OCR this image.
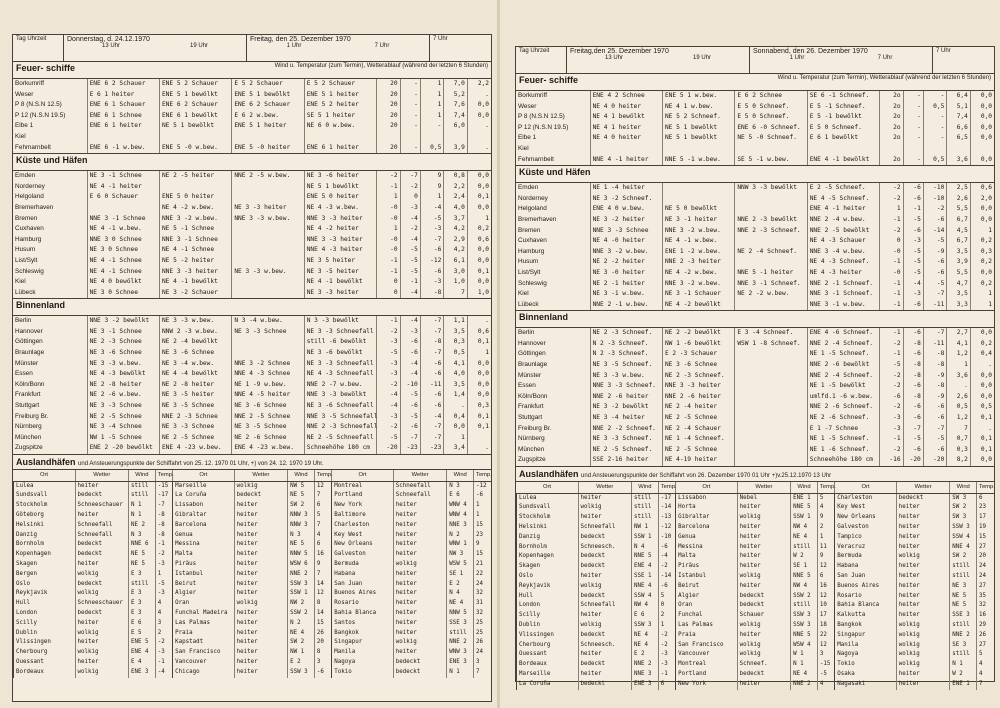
Tag Uhrzeit	Donnerstag, d. 24.12.1970
13 Uhr	19 Uhr
Freitag, den 25. Dezember 1970
1 Uhr	7 Uhr
7 Uhr
Feuer- schiffe	Wind u. Temperatur (zum Termin), Wetterablauf (während der letzten 6 Stunden)
Borkumriff	ENE 6 2 Schauer	ENE 5 2 Schauer	E 5 2 Schauer	E 5 2 Schauer	20	-	1	7,0	2,2
Weser	E 6 1 heiter	ENE 5 1 bewölkt	ENE 5 1 bewölkt	ENE 5 1 heiter	20	-	1	5,2	.
P 8 (N.S.N 12.5)	ENE 6 1 Schauer	ENE 6 2 Schauer	ENE 6 2 Schauer	ENE 5 2 heiter	20	-	1	7,6	0,0
P 12 (N.S.N 19.5)	ENE 6 1 Schnee	ENE 6 1 bewölkt	E 6 2 w.bew.	SE 5 1 heiter	20	-	1	7,4	0,0
Elbe 1	ENE 6 1 heiter	NE 5 1 bewölkt	ENE 5 1 heiter	NE 6 0 w.bew.	20	-	-	6,0	.
Kiel									
Fehmarnbelt	ENE 6 -1 w.bew.	ENE 5 -0 w.bew.	ENE 5 -0 heiter	ENE 6 1 heiter	20	-	0,5	3,9	.
Küste und Häfen
Emden	NE 3 -1 Schnee	NE 2 -5 heiter	NNE 2 -5 w.bew.	NE 3 -6 heiter	-2	-7	9	0,8	0,0
Norderney	NE 4 -1 heiter			NE 5 1 bewölkt	-1	-2	9	2,2	0,0
Helgoland	E 6 0 Schauer	ENE 5 0 heiter		ENE 5 0 heiter	1	0	1	2,4	0,1
Bremerhaven		NE 4 -2 w.bew.	NE 3 -3 heiter	NE 4 -3 w.bew.	-0	-3	-4	4,0	0,0
Bremen	NNE 3 -1 Schnee	NNE 3 -2 w.bew.	NNE 3 -3 w.bew.	NNE 3 -3 heiter	-0	-4	-5	3,7	1
Cuxhaven	NE 4 -1 w.bew.	NE 5 -1 Schnee		NE 4 -2 heiter	1	-2	-3	4,2	0,2
Hamburg	NNE 3 0 Schnee	NNE 3 -1 Schnee		NNE 3 -3 heiter	-0	-4	-7	2,9	0,6
Husum	NE 3 0 Schnee	NE 4 -1 Schnee		NNE 4 -3 heiter	-0	-5	-6	4,2	0,0
List/Sylt	NE 4 -1 Schnee	NE 5 -2 heiter		NE 3 5 heiter	-1	-5	-12	6,1	0,0
Schleswig	NE 4 -1 Schnee	NNE 3 -3 heiter	NE 3 -3 w.bew.	NE 3 -5 heiter	-1	-5	-6	3,0	0,1
Kiel	NE 4 0 bewölkt	NE 4 -1 bewölkt		NE 4 -1 bewölkt	0	-1	-3	1,0	0,0
Lübeck	NE 3 0 Schnee	NE 3 -2 Schauer		NE 3 -3 heiter	0	-4	-8	7	1,0
Binnenland
Berlin	NNE 3 -2 bewölkt	NE 3 -3 w.bew.	N 3 -4 w.bew.	N 3 -3 bewölkt	-1	-4	-7	1,1	.
Hannover	NE 3 -1 Schnee	NNW 2 -3 w.bew.	NE 3 -3 Schnee	NE 3 -3 Schneefall	-2	-3	-7	3,5	0,6
Göttingen	NE 2 -3 Schnee	NE 2 -4 bewölkt		still -6 bewölkt	-3	-6	-8	0,3	0,1
Braunlage	NE 3 -6 Schnee	NE 3 -6 Schnee		NE 3 -6 bewölkt	-5	-6	-7	0,5	1
Münster	NE 3 -3 w.bew.	NE 3 -4 w.bew.	NNE 3 -2 Schnee	NE 3 -3 Schneefall	-3	-4	-6	4,1	0,0
Essen	NE 4 -3 bewölkt	NE 4 -4 bewölkt	NNE 4 -3 Schnee	NE 4 -3 Schneefall	-3	-4	-6	4,0	0,0
Köln/Bonn	NE 2 -8 heiter	NE 2 -8 heiter	NE 1 -9 w.bew.	NNE 2 -7 w.bew.	-2	-10	-11	3,5	0,0
Frankfurt	NE 2 -6 w.bew.	NE 3 -5 heiter	NNE 4 -5 heiter	NNE 3 -3 bewölkt	-4	-5	-6	1,4	0,0
Stuttgart	NE 3 -3 Schnee	NE 3 -5 Schnee	NE 3 -6 Schnee	NE 3 -6 Schneefall	-4	-6	-6	.	0,3
Freiburg Br.	NE 2 -5 Schnee	NNE 2 -3 Schnee	NNE 2 -5 Schnee	NNE 3 -5 Schneefall	-3	-5	-4	0,4	0,1
Nürnberg	NE 3 -4 Schnee	NE 3 -3 Schnee	NE 3 -5 Schnee	NNE 2 -3 Schneefall	-2	-6	-7	0,0	0,1
München	NW 1 -5 Schnee	NE 2 -5 Schnee	NE 2 -6 Schnee	NE 2 -5 Schneefall	-5	-7	-7	1	
Zugspitze	ENE 2 -20 bewölkt	ENE 4 -23 w.bew.	ENE 4 -23 w.bew.	Schneehöhe 180 cm	-20	-23	-23	3,4	.
Auslandhäfen und Ansteuerungspunkte der Schiffahrt von 25. 12. 1970 01 Uhr, +) von 24. 12. 1970 19 Uhr.
Ort	Wetter	Wind	Temp.	Ort	Wetter	Wind	Temp.	Ort	Wetter	Wind	Temp.
Lulea	heiter	still	-15	Marseille	wolkig	NW 5	12	Montreal	Schneefall	N 3	-12
Sundsvall	bedeckt	still	-17	La Coruña	bedeckt	NE 5	7	Portland	Schneefall	E 6	-6
Stockholm	Schneeschauer	N 1	-7	Lissabon	heiter	SW 2	6	New York	heiter	WNW 4	1
Göteborg	heiter	N 1	-8	Gibraltar	heiter	NNW 3	5	Baltimore	heiter	WNW 4	1
Helsinki	Schneefall	NE 2	-8	Barcelona	heiter	NNW 3	7	Charleston	heiter	NNE 3	15
Danzig	Schneefall	N 3	-8	Genua	heiter	N 3	4	Key West	heiter	N 2	23
Bornholm	bedeckt	NNE 6	-1	Messina	heiter	NE 5	6	New Orleans	heiter	WNW 1	9
Kopenhagen	bedeckt	NE 5	-2	Malta	heiter	NNW 5	16	Galveston	heiter	NW 3	15
Skagen	heiter	NE 5	-3	Piräus	heiter	WSW 6	9	Bermuda	wolkig	WSW 5	21
Bergen	wolkig	E 3	1	Istanbul	heiter	NNE 2	7	Habana	heiter	SE 1	22
Oslo	bedeckt	still	-5	Beirut	heiter	SSW 3	14	San Juan	heiter	E 2	24
Reykjavik	wolkig	E 3	-3	Algier	heiter	SSW 1	12	Buenos Aires	heiter	N 4	32
Hull	Schneeschauer	E 3	4	Oran	wolkig	NW 2	8	Rosario	heiter	NE 4	31
London	bedeckt	E 3	4	Funchal Madeira	heiter	SSW 2	14	Bahia Blanca	heiter	NNW 5	32
Scilly	heiter	E 6	3	Las Palmas	heiter	N 2	15	Santos	heiter	SSE 3	25
Dublin	wolkig	E 5	2	Praia	heiter	NE 4	26	Bangkok	heiter	still	25
Vlissingen	heiter	ENE 5	-2	Kapstadt	heiter	SW 2	20	Singapur	wolkig	NNE 2	26
Cherbourg	wolkig	ENE 4	-3	San Francisco	heiter	NW 1	8	Manila	heiter	WNW 3	24
Ouessant	heiter	E 4	-1	Vancouver	heiter	E 2	3	Nagoya	bedeckt	ENE 3	3
Bordeaux	wolkig	ENE 3	-4	Chicago	heiter	SSW 3	-6	Tokio	bedeckt	N 1	7
Tag Uhrzeit	Freitag,den 25. Dezember 1970
13 Uhr	19 Uhr
Sonnabend, den 26. Dezember 1970
1 Uhr	7 Uhr
7 Uhr
Feuer- schiffe	Wind u. Temperatur (zum Termin), Wetterablauf (während der letzten 6 Stunden)
Borkumriff	ENE 4 2 Schnee	ENE 5 1 w.bew.	E 6 2 Schnee	SE 6 -1 Schneef.	2o	-	-	6,4	0,0
Weser	NE 4 0 heiter	NE 4 1 w.bew.	E 5 0 Schneef.	E 5 -1 Schneef.	2o	-	0,5	5,1	0,0
P 8 (N.S.N 12.5)	NE 4 1 bewölkt	NE 5 2 Schneef.	E 5 0 Schneef.	E 5 -1 bewölkt	2o	-	-	7,4	0,0
P 12 (N.S.N 19.5)	NE 4 1 heiter	NE 5 1 bewölkt	ENE 6 -0 Schneef.	E 5 0 Schneef.	2o	-	-	6,6	0,0
Elbe 1	NE 4 0 heiter	NE 5 1 bewölkt	NE 5 -0 Schneef.	E 6 1 bewölkt	2o	-	-	6,5	0,0
Kiel									
Fehmarnbelt	NNE 4 -1 heiter	NNE 5 -1 w.bew.	SE 5 -1 w.bew.	ENE 4 -1 bewölkt	2o	-	0,5	3,6	0,0
Küste und Häfen
Emden	NE 1 -4 heiter		NNW 3 -3 bewölkt	E 2 -5 Schneef.	-2	-6	-10	2,5	0,6
Norderney	NE 3 -2 Schneef.			NE 4 -5 Schneef.	-2	-6	-10	2,6	2,0
Helgoland	ENE 4 0 w.bew.	NE 5 0 bewölkt		ENE 4 -1 heiter	1	-1	-2	5,5	0,0
Bremerhaven	NE 3 -2 heiter	NE 3 -1 heiter	NNE 2 -3 bewölkt	NNE 2 -4 w.bew.	-1	-5	-6	6,7	0,0
Bremen	NNE 3 -3 Schnee	NNE 3 -2 w.bew.	NNE 2 -3 Schneef.	NNE 2 -5 bewölkt	-2	-6	-14	4,5	1
Cuxhaven	NE 4 -0 heiter	NE 4 -1 w.bew.		NE 4 -3 Schauer	0	-3	-5	6,7	0,2
Hamburg	NNE 3 -2 w.bew.	ENE 1 -2 w.bew.	NE 2 -4 Schneef.	NNE 3 -4 w.bew.	-0	-5	-9	3,5	0,3
Husum	NE 2 -2 heiter	NNE 2 -3 heiter		NE 4 -3 Schneef.	-1	-5	-6	3,9	0,2
List/Sylt	NE 3 -0 heiter	NE 4 -2 w.bew.	NNE 5 -1 heiter	NE 4 -3 heiter	-0	-5	-6	5,5	0,0
Schleswig	NE 2 -1 heiter	NNE 3 -2 w.bew.	NNE 3 -1 Schneef.	NNE 2 -1 Schneef.	-1	-4	-5	4,7	0,2
Kiel	NE 3 -1 w.bew.	NE 3 -1 Schauer	NE 2 -2 w.bew.	NNE 3 -1 Schneef.	-1	-3	-7	3,5	1
Lübeck	NNE 2 -1 w.bew.	NE 4 -2 bewölkt		NNE 3 -1 w.bew.	-1	-6	-11	3,3	1
Binnenland
Berlin	NE 2 -3 Schneef.	NE 2 -2 bewölkt	E 3 -4 Schneef.	ENE 4 -6 Schneef.	-1	-6	-7	2,7	0,0
Hannover	N 2 -3 Schneef.	NW 1 -6 bewölkt	WSW 1 -8 Schneef.	NNE 2 -4 Schneef.	-2	-8	-11	4,1	0,2
Göttingen	N 2 -3 Schneef.	E 2 -3 Schauer		NE 1 -5 Schneef.	-1	-6	-8	1,2	0,4
Braunlage	NE 3 -5 Schneef.	NE 3 -6 Schnee		NNE 2 -6 bewölkt	-5	-8	-8	1	.
Münster	NE 3 -3 w.bew.	NE 2 -3 Schneef.		NNE 2 -4 Schneef.	-2	-8	-9	3,6	0,0
Essen	NNE 3 -3 Schneef.	NNE 3 -3 heiter		NE 1 -5 bewölkt	-2	-6	-8	.	0,0
Köln/Bonn	NNE 2 -6 heiter	NNE 2 -6 heiter		umlfd.1 -6 w.bew.	-6	-8	-9	2,6	0,0
Frankfurt	NE 3 -2 bewölkt	NE 2 -4 heiter		NNE 2 -6 Schneef.	-2	-6	-6	0,5	0,5
Stuttgart	NE 3 -4 heiter	NE 2 -5 Schnee		NE 2 -6 Schneef.	-3	-6	-6	1,2	0,1
Freiburg Br.	NNE 2 -2 Schneef.	NE 2 -4 Schauer		E 1 -7 Schnee	-3	-7	-7	7	.
Nürnberg	NE 3 -3 Schneef.	NE 1 -4 Schneef.		NE 1 -5 Schneef.	-1	-5	-5	0,7	0,1
München	NE 2 -5 Schneef.	NE 2 -5 Schnee		NE 1 -6 Schneef.	-2	-6	-6	0,3	0,1
Zugspitze	SSE 2-16 heiter	NE 4-19 heiter		Schneehöhe 180 cm	-16	-20	-20	8,2	0,0
Auslandhäfen und Ansteuerungspunkte der Schiffahrt von 26. Dezember 1970 01 Uhr +)v.25.12.1970 13 Uhr
Ort	Wetter	Wind	Temp.	Ort	Wetter	Wind	Temp.	Ort	Wetter	Wind	Temp.
Lulea	heiter	still	-17	Lissabon	Nebel	ENE 1	5	Charleston	bedeckt	SW 3	6
Sundsvall	wolkig	still	-14	Horta	heiter	NNE 5	4	Key West	heiter	SW 2	23
Stockholm	heiter	still	-13	Gibraltar	wolkig	SSW 1	9	New Orleans	heiter	SW 3	17
Helsinki	Schneefall	NW 1	-12	Barcelona	heiter	NW 4	2	Galveston	heiter	SSW 3	19
Danzig	bedeckt	SSW 1	-10	Genua	heiter	NE 4	1	Tampico	heiter	SSW 4	15
Bornholm	Schneesch.	N 4	-6	Messina	heiter	still	11	Veracruz	heiter	NNE 4	27
Kopenhagen	bedeckt	NNE 5	-4	Malta	heiter	W 2	9	Bermuda	wolkig	SW 2	20
Skagen	bedeckt	ENE 4	-2	Piräus	heiter	SE 1	12	Habana	heiter	still	24
Oslo	heiter	SSE 1	-14	Istanbul	wolkig	NNE 5	6	San Juan	heiter	still	24
Reykjavik	wolkig	NNE 4	-6	Beirut	heiter	NW 4	16	Buenos Aires	heiter	NE 3	27
Hull	bedeckt	SSW 4	5	Algier	bedeckt	SSW 2	12	Rosario	heiter	NE 5	35
London	Schneefall	NW 4	0	Oran	bedeckt	still	10	Bahia Blanca	heiter	NE 5	32
Scilly	heiter	E 6	2	Funchal	Schauer	SSW 3	17	Kalkutta	heiter	SSE 3	16
Dublin	wolkig	SSW 3	1	Las Palmas	wolkig	SSW 3	18	Bangkok	wolkig	still	29
Vlissingen	bedeckt	NE 4	-2	Praia	heiter	NNE 5	22	Singapur	wolkig	NNE 2	26
Cherbourg	Schneesch.	NE 4	-2	San Francisco	wolkig	WSW 4	12	Manila	wolkig	SE 3	27
Ouessant	heiter	E 2	-3	Vancouver	wolkig	W 1	3	Nagoya	wolkig	still	5
Bordeaux	bedeckt	NNE 2	-3	Montreal	Schneef.	N 1	-15	Tokio	wolkig	N 1	4
Marseille	heiter	NNE 3	-1	Portland	bedeckt	NE 4	-5	Osaka	heiter	W 2	4
La Coruña	bedeckt	ENE 3	6	New York	heiter	NNE 2	4	Nagasaki	heiter	ENE 1	7
